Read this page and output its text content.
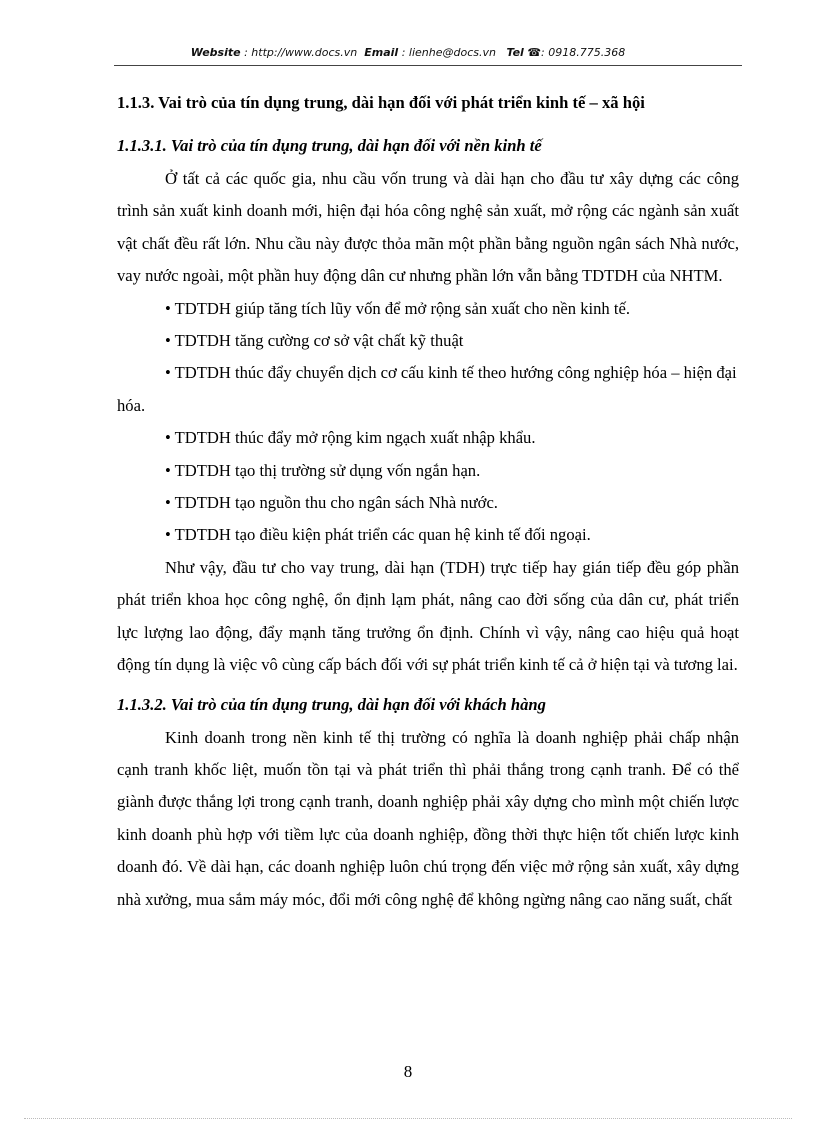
Website : http://www.docs.vn Email : lienhe@docs.vn Tel ☎: 0918.775.368
1.1.3. Vai trò của tín dụng trung, dài hạn đối với phát triển kinh tế – xã hội
1.1.3.1. Vai trò của tín dụng trung, dài hạn đối với nền kinh tế

Ở tất cả các quốc gia, nhu cầu vốn trung và dài hạn cho đầu tư xây dựng các công trình sản xuất kinh doanh mới, hiện đại hóa công nghệ sản xuất, mở rộng các ngành sản xuất vật chất đều rất lớn. Nhu cầu này được thỏa mãn một phần bằng nguồn ngân sách Nhà nước, vay nước ngoài, một phần huy động dân cư nhưng phần lớn vẫn bằng TDTDH của NHTM.

• TDTDH giúp tăng tích lũy vốn để mở rộng sản xuất cho nền kinh tế.

• TDTDH tăng cường cơ sở vật chất kỹ thuật

• TDTDH thúc đẩy chuyển dịch cơ cấu kinh tế theo hướng công nghiệp hóa – hiện đại hóa.

• TDTDH thúc đẩy mở rộng kim ngạch xuất nhập khẩu.

• TDTDH tạo thị trường sử dụng vốn ngắn hạn.

• TDTDH tạo nguồn thu cho ngân sách Nhà nước.

• TDTDH tạo điều kiện phát triển các quan hệ kinh tế đối ngoại.

Như vậy, đầu tư cho vay trung, dài hạn (TDH) trực tiếp hay gián tiếp đều góp phần phát triển khoa học công nghệ, ổn định lạm phát, nâng cao đời sống của dân cư, phát triển lực lượng lao động, đẩy mạnh tăng trưởng ổn định. Chính vì vậy, nâng cao hiệu quả hoạt động tín dụng là việc vô cùng cấp bách đối với sự phát triển kinh tế cả ở hiện tại và tương lai.

1.1.3.2. Vai trò của tín dụng trung, dài hạn đối với khách hàng

Kinh doanh trong nền kinh tế thị trường có nghĩa là doanh nghiệp phải chấp nhận cạnh tranh khốc liệt, muốn tồn tại và phát triển thì phải thắng trong cạnh tranh. Để có thể giành được thắng lợi trong cạnh tranh, doanh nghiệp phải xây dựng cho mình một chiến lược kinh doanh phù hợp với tiềm lực của doanh nghiệp, đồng thời thực hiện tốt chiến lược kinh doanh đó. Về dài hạn, các doanh nghiệp luôn chú trọng đến việc mở rộng sản xuất, xây dựng nhà xưởng, mua sắm máy móc, đổi mới công nghệ để không ngừng nâng cao năng suất, chất

8
